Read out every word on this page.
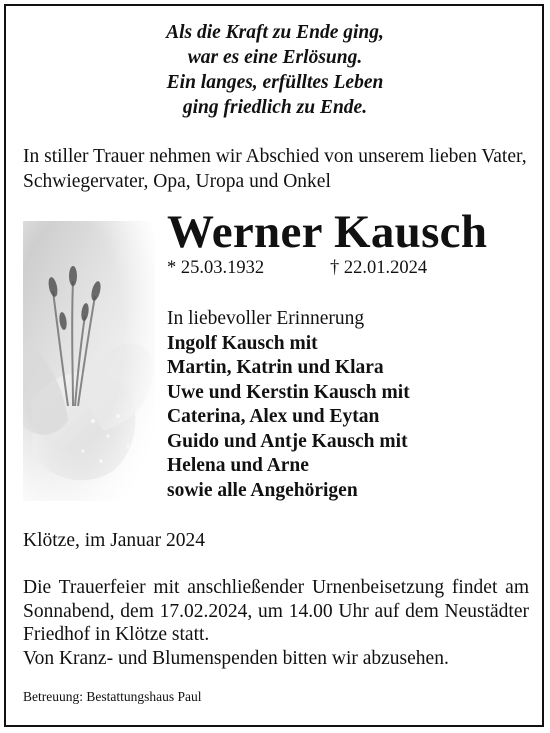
Als die Kraft zu Ende ging,
war es eine Erlösung.
Ein langes, erfülltes Leben
ging friedlich zu Ende.
In stiller Trauer nehmen wir Abschied von unserem lieben Vater,
Schwiegervater, Opa, Uropa und Onkel
Werner Kausch
* 25.03.1932	† 22.01.2024
In liebevoller Erinnerung
Ingolf Kausch mit
Martin, Katrin und Klara
Uwe und Kerstin Kausch mit
Caterina, Alex und Eytan
Guido und Antje Kausch mit
Helena und Arne
sowie alle Angehörigen
Klötze, im Januar 2024
Die Trauerfeier mit anschließender Urnenbeisetzung findet am
Sonnabend, dem 17.02.2024, um 14.00 Uhr auf dem Neustädter
Friedhof in Klötze statt.
Von Kranz- und Blumenspenden bitten wir abzusehen.
Betreuung: Bestattungshaus Paul
